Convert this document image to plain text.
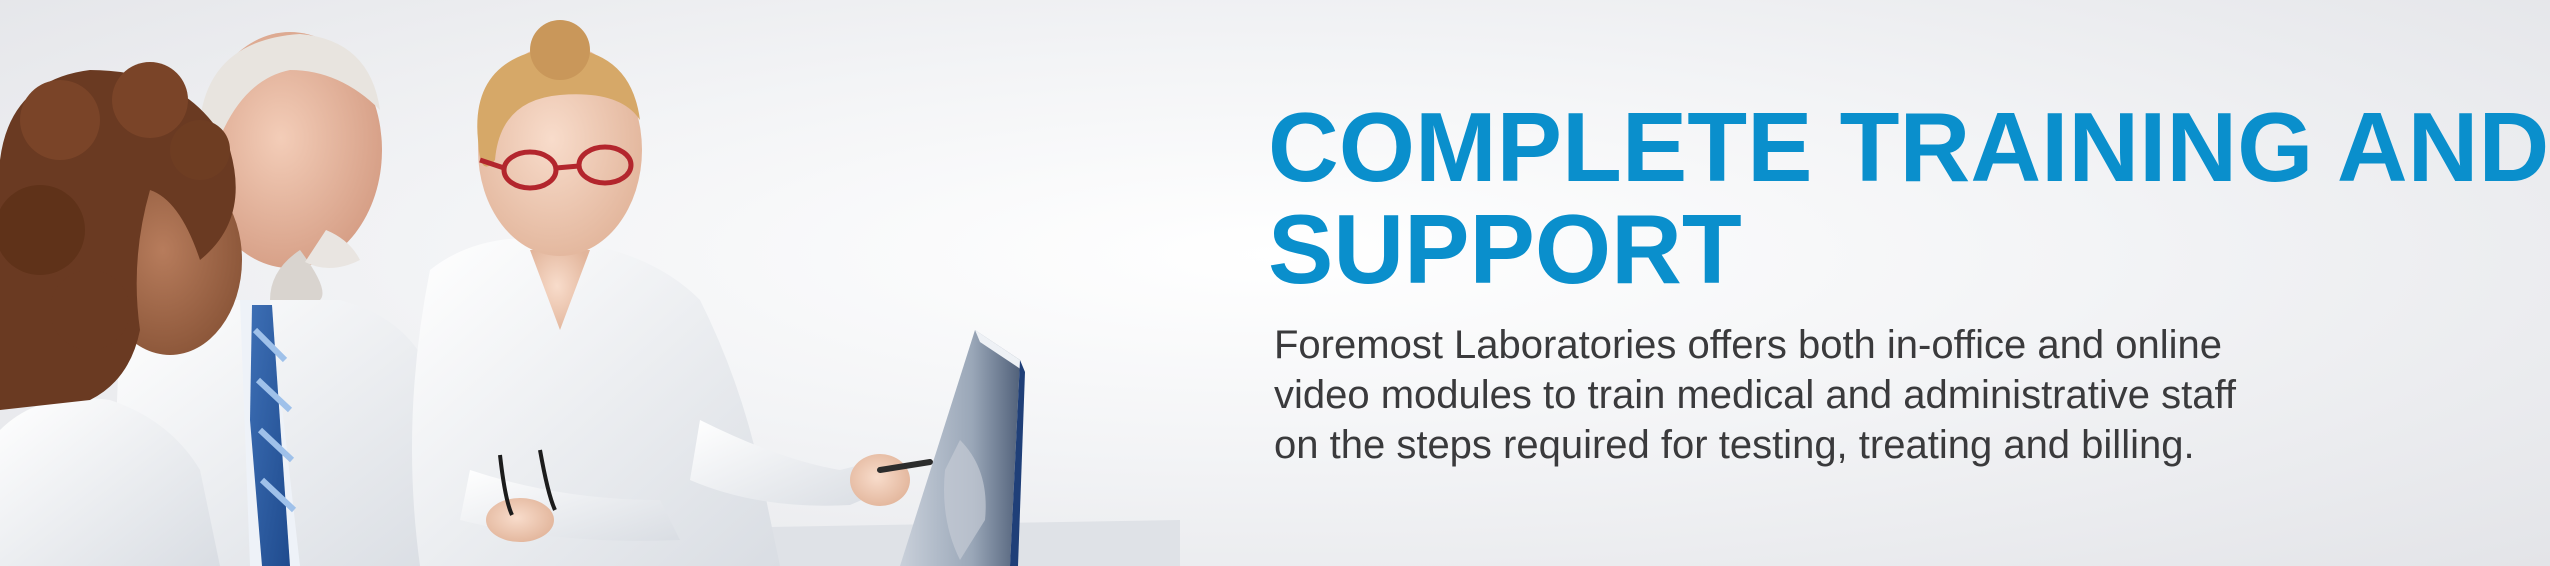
COMPLETE TRAINING AND
SUPPORT

Foremost Laboratories offers both in-office and online
video modules to train medical and administrative staff
on the steps required for testing, treating and billing.
